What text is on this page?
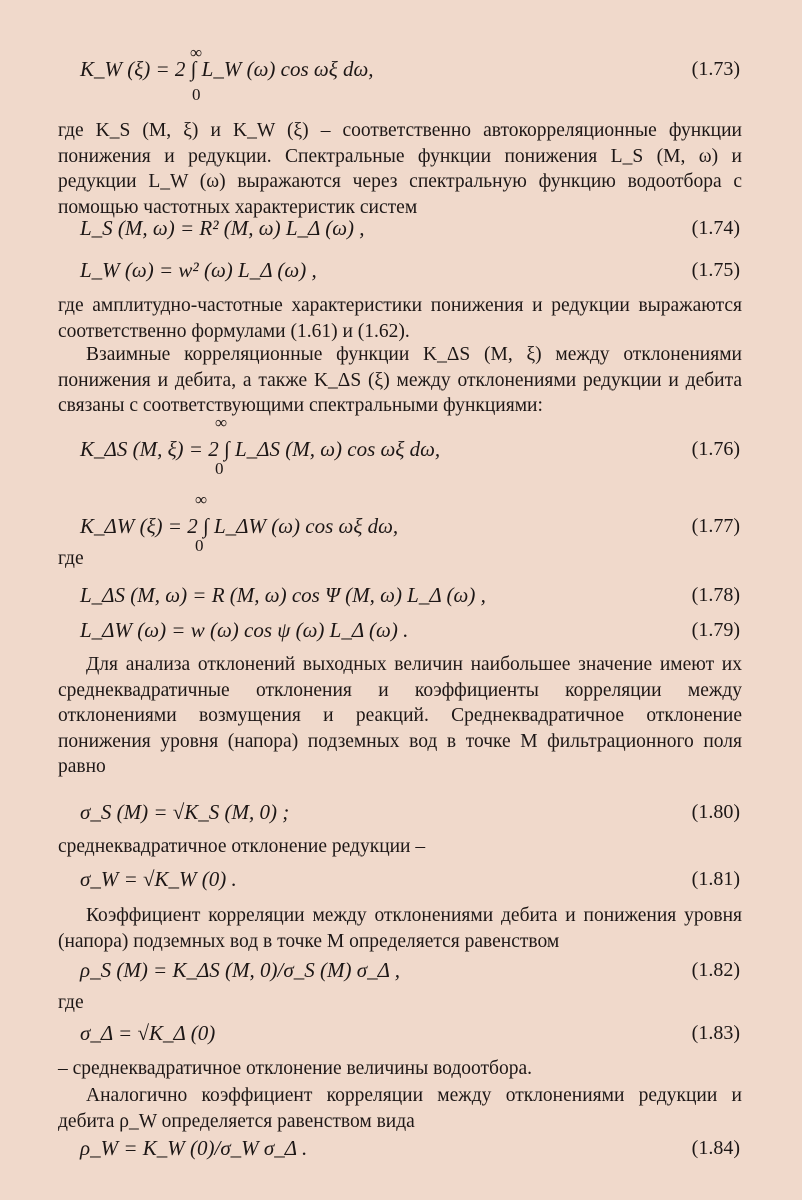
K_W (ξ) = 2 ∫ L_W (ω) cos ωξ dω,
∞
0
(1.73)
где K_S (M, ξ) и K_W (ξ) – соответственно автокорреляционные функции понижения и редукции. Спектральные функции понижения L_S (M, ω) и редукции L_W (ω) выражаются через спектральную функцию водоотбора с помощью частотных характеристик систем
L_S (M, ω) = R² (M, ω) L_Δ (ω) ,	(1.74)
L_W (ω) = w² (ω) L_Δ (ω) ,	(1.75)
где амплитудно-частотные характеристики понижения и редукции выражаются соответственно формулами (1.61) и (1.62).
Взаимные корреляционные функции K_ΔS (M, ξ) между отклонениями понижения и дебита, а также K_ΔS (ξ) между отклонениями редукции и дебита связаны с соответствующими спектральными функциями:
K_ΔS (M, ξ) = 2 ∫ L_ΔS (M, ω) cos ωξ dω,
∞
0
(1.76)
K_ΔW (ξ) = 2 ∫ L_ΔW (ω) cos ωξ dω,
∞
0
(1.77)
где
L_ΔS (M, ω) = R (M, ω) cos Ψ (M, ω) L_Δ (ω) ,	(1.78)
L_ΔW (ω) = w (ω) cos ψ (ω) L_Δ (ω) .	(1.79)
Для анализа отклонений выходных величин наибольшее значение имеют их среднеквадратичные отклонения и коэффициенты корреляции между отклонениями возмущения и реакций. Среднеквадратичное отклонение понижения уровня (напора) подземных вод в точке M фильтрационного поля равно
σ_S (M) = √K_S (M, 0) ;	(1.80)
среднеквадратичное отклонение редукции –
σ_W = √K_W (0) .	(1.81)
Коэффициент корреляции между отклонениями дебита и понижения уровня (напора) подземных вод в точке M определяется равенством
ρ_S (M) = K_ΔS (M, 0)/σ_S (M) σ_Δ ,	(1.82)
где
σ_Δ = √K_Δ (0)	(1.83)
– среднеквадратичное отклонение величины водоотбора.
Аналогично коэффициент корреляции между отклонениями редукции и дебита ρ_W определяется равенством вида
ρ_W = K_W (0)/σ_W σ_Δ .	(1.84)
